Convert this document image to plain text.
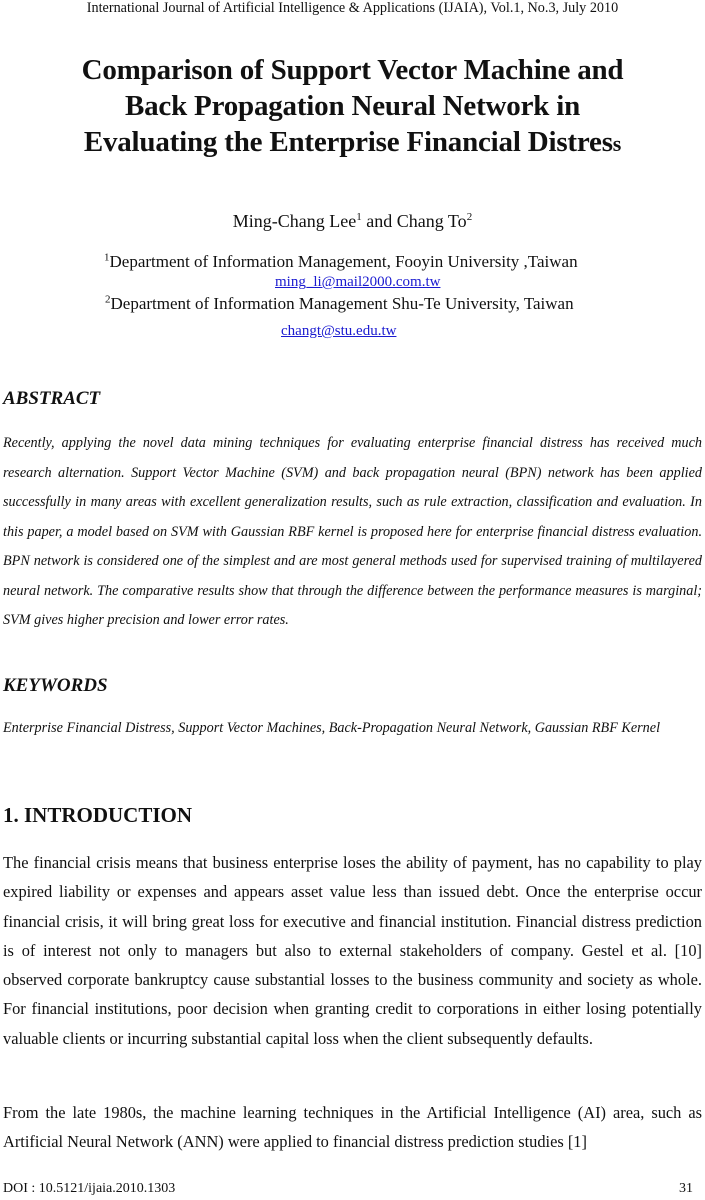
International Journal of Artificial Intelligence & Applications (IJAIA), Vol.1, No.3, July 2010
Comparison of Support Vector Machine and
Back Propagation Neural Network in
Evaluating the Enterprise Financial Distress
Ming-Chang Lee$^1$ and Chang To$^2$
$^1$Department of Information Management, Fooyin University ,Taiwan
ming_li@mail2000.com.tw
$^2$Department of Information Management Shu-Te University, Taiwan
changt@stu.edu.tw
ABSTRACT

Recently, applying the novel data mining techniques for evaluating enterprise financial distress has received much research alternation. Support Vector Machine (SVM) and back propagation neural (BPN) network has been applied successfully in many areas with excellent generalization results, such as rule extraction, classification and evaluation. In this paper, a model based on SVM with Gaussian RBF kernel is proposed here for enterprise financial distress evaluation. BPN network is considered one of the simplest and are most general methods used for supervised training of multilayered neural network. The comparative results show that through the difference between the performance measures is marginal; SVM gives higher precision and lower error rates.

KEYWORDS

Enterprise Financial Distress, Support Vector Machines, Back-Propagation Neural Network, Gaussian RBF Kernel

1. INTRODUCTION

The financial crisis means that business enterprise loses the ability of payment, has no capability to play expired liability or expenses and appears asset value less than issued debt. Once the enterprise occur financial crisis, it will bring great loss for executive and financial institution. Financial distress prediction is of interest not only to managers but also to external stakeholders of company. Gestel et al. [10] observed corporate bankruptcy cause substantial losses to the business community and society as whole. For financial institutions, poor decision when granting credit to corporations in either losing potentially valuable clients or incurring substantial capital loss when the client subsequently defaults.

From the late 1980s, the machine learning techniques in the Artificial Intelligence (AI) area, such as Artificial Neural Network (ANN) were applied to financial distress prediction studies [1]

DOI : 10.5121/ijaia.2010.1303	31
